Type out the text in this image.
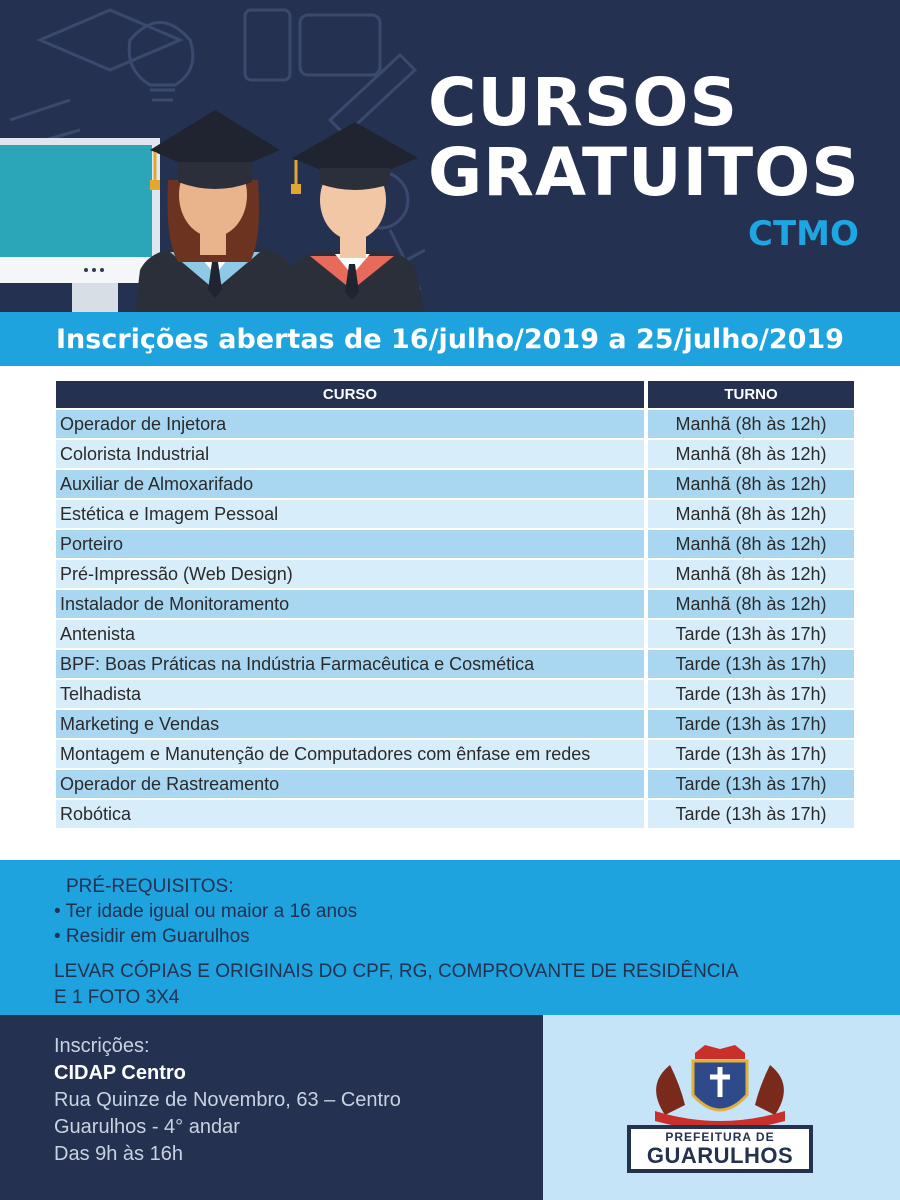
CURSOS
GRATUITOS
CTMO
Inscrições abertas de 16/julho/2019 a 25/julho/2019
CURSO	TURNO
Operador de Injetora	Manhã (8h às 12h)
Colorista Industrial	Manhã (8h às 12h)
Auxiliar de Almoxarifado	Manhã (8h às 12h)
Estética e Imagem Pessoal	Manhã (8h às 12h)
Porteiro	Manhã (8h às 12h)
Pré-Impressão (Web Design)	Manhã (8h às 12h)
Instalador de Monitoramento	Manhã (8h às 12h)
Antenista	Tarde (13h às 17h)
BPF: Boas Práticas na Indústria Farmacêutica e Cosmética	Tarde (13h às 17h)
Telhadista	Tarde (13h às 17h)
Marketing e Vendas	Tarde (13h às 17h)
Montagem e Manutenção de Computadores com ênfase em redes	Tarde (13h às 17h)
Operador de Rastreamento	Tarde (13h às 17h)
Robótica	Tarde (13h às 17h)
PRÉ-REQUISITOS:
• Ter idade igual ou maior a 16 anos
• Residir em Guarulhos
LEVAR CÓPIAS E ORIGINAIS DO CPF, RG, COMPROVANTE DE RESIDÊNCIA E 1 FOTO 3X4
Inscrições:
CIDAP Centro
Rua Quinze de Novembro, 63 – Centro
Guarulhos - 4° andar
Das 9h às 16h
PREFEITURA DE
GUARULHOS
